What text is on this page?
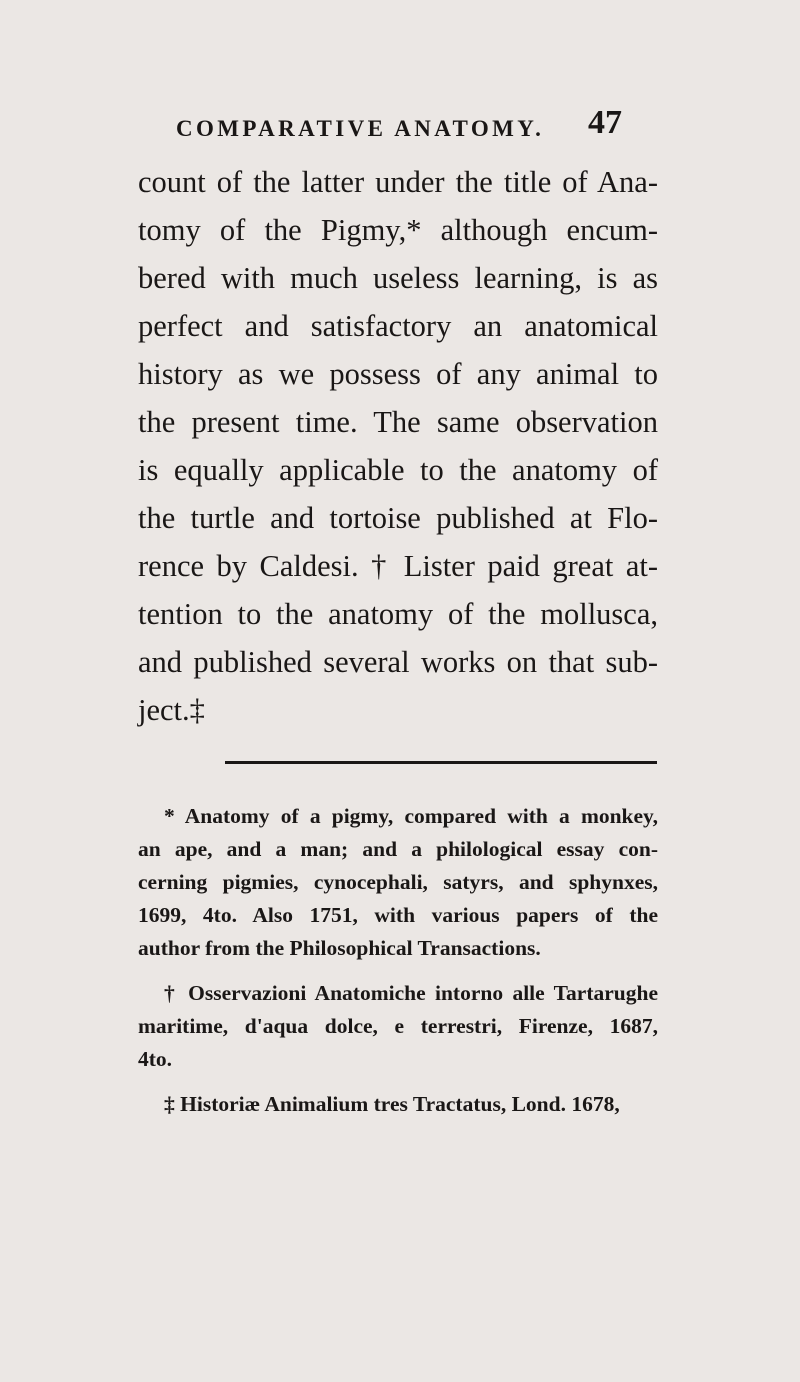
COMPARATIVE ANATOMY. 47
count of the latter under the title of Ana-
tomy of the Pigmy,* although encum-
bered with much useless learning, is as
perfect and satisfactory an anatomical
history as we possess of any animal to
the present time. The same observation
is equally applicable to the anatomy of
the turtle and tortoise published at Flo-
rence by Caldesi. † Lister paid great at-
tention to the anatomy of the mollusca,
and published several works on that sub-
ject.‡
* Anatomy of a pigmy, compared with a monkey,
an ape, and a man; and a philological essay con-
cerning pigmies, cynocephali, satyrs, and sphynxes,
1699, 4to. Also 1751, with various papers of the
author from the Philosophical Transactions.
† Osservazioni Anatomiche intorno alle Tartarughe
maritime, d'aqua dolce, e terrestri, Firenze, 1687,
4to.
‡ Historiæ Animalium tres Tractatus, Lond. 1678,
